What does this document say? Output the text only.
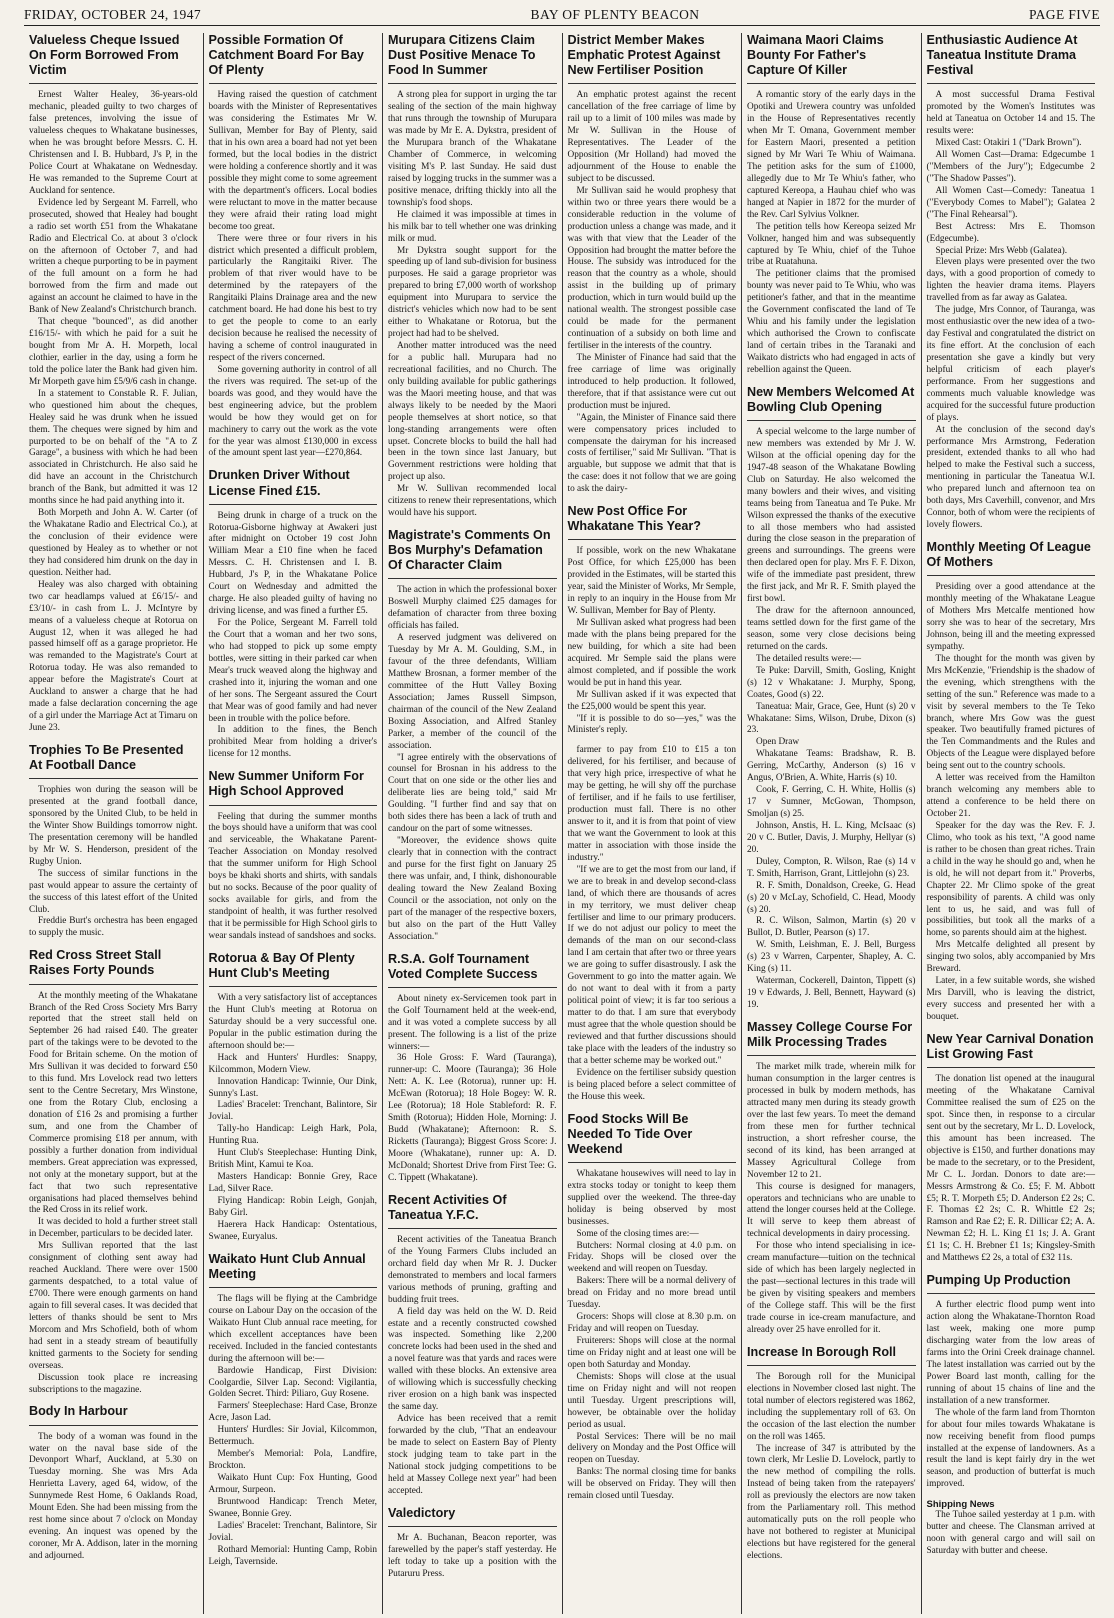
FRIDAY, OCTOBER 24, 1947	BAY OF PLENTY BEACON	PAGE FIVE
Valueless Cheque Issued On Form Borrowed From Victim

Ernest Walter Healey, 36-years-old mechanic, pleaded guilty to two charges of false pretences, involving the issue of valueless cheques to Whakatane businesses, when he was brought before Messrs. C. H. Christensen and I. B. Hubbard, J's P, in the Police Court at Whakatane on Wednesday. He was remanded to the Supreme Court at Auckland for sentence.

Evidence led by Sergeant M. Farrell, who prosecuted, showed that Healey had bought a radio set worth £51 from the Whakatane Radio and Electrical Co. at about 3 o'clock on the afternoon of October 7, and had written a cheque purporting to be in payment of the full amount on a form he had borrowed from the firm and made out against an account he claimed to have in the Bank of New Zealand's Christchurch branch.

That cheque "bounced", as did another £16/15/- with which he paid for a suit he bought from Mr A. H. Morpeth, local clothier, earlier in the day, using a form he told the police later the Bank had given him. Mr Morpeth gave him £5/9/6 cash in change.

In a statement to Constable R. F. Julian, who questioned him about the cheques, Healey said he was drunk when he issued them. The cheques were signed by him and purported to be on behalf of the "A to Z Garage", a business with which he had been associated in Christchurch. He also said he did have an account in the Christchurch branch of the Bank, but admitted it was 12 months since he had paid anything into it.

Both Morpeth and John A. W. Carter (of the Whakatane Radio and Electrical Co.), at the conclusion of their evidence were questioned by Healey as to whether or not they had considered him drunk on the day in question. Neither had.

Healey was also charged with obtaining two car headlamps valued at £6/15/- and £3/10/- in cash from L. J. McIntyre by means of a valueless cheque at Rotorua on August 12, when it was alleged he had passed himself off as a garage proprietor. He was remanded to the Magistrate's Court at Rotorua today. He was also remanded to appear before the Magistrate's Court at Auckland to answer a charge that he had made a false declaration concerning the age of a girl under the Marriage Act at Timaru on June 23.

Trophies To Be Presented At Football Dance

Trophies won during the season will be presented at the grand football dance, sponsored by the United Club, to be held in the Winter Show Buildings tomorrow night. The presentation ceremony will be handled by Mr W. S. Henderson, president of the Rugby Union.

The success of similar functions in the past would appear to assure the certainty of the success of this latest effort of the United Club.

Freddie Burt's orchestra has been engaged to supply the music.

Red Cross Street Stall Raises Forty Pounds

At the monthly meeting of the Whakatane Branch of the Red Cross Society Mrs Barry reported that the street stall held on September 26 had raised £40. The greater part of the takings were to be devoted to the Food for Britain scheme. On the motion of Mrs Sullivan it was decided to forward £50 to this fund. Mrs Lovelock read two letters sent to the Centre Secretary, Mrs Winstone, one from the Rotary Club, enclosing a donation of £16 2s and promising a further sum, and one from the Chamber of Commerce promising £18 per annum, with possibly a further donation from individual members. Great appreciation was expressed, not only at the monetary support, but at the fact that two such representative organisations had placed themselves behind the Red Cross in its relief work.

It was decided to hold a further street stall in December, particulars to be decided later.

Mrs Sullivan reported that the last consignment of clothing sent away had reached Auckland. There were over 1500 garments despatched, to a total value of £700. There were enough garments on hand again to fill several cases. It was decided that letters of thanks should be sent to Mrs Morcom and Mrs Schofield, both of whom had sent in a steady stream of beautifully knitted garments to the Society for sending overseas.

Discussion took place re increasing subscriptions to the magazine.

Body In Harbour

The body of a woman was found in the water on the naval base side of the Devonport Wharf, Auckland, at 5.30 on Tuesday morning. She was Mrs Ada Henrietta Lavery, aged 64, widow, of the Sunnymede Rest Home, 6 Oaklands Road, Mount Eden. She had been missing from the rest home since about 7 o'clock on Monday evening. An inquest was opened by the coroner, Mr A. Addison, later in the morning and adjourned.

Possible Formation Of Catchment Board For Bay Of Plenty

Having raised the question of catchment boards with the Minister of Representatives was considering the Estimates Mr W. Sullivan, Member for Bay of Plenty, said that in his own area a board had not yet been formed, but the local bodies in the district were holding a conference shortly and it was possible they might come to some agreement with the department's officers. Local bodies were reluctant to move in the matter because they were afraid their rating load might become too great.

There were three or four rivers in his district which presented a difficult problem, particularly the Rangitaiki River. The problem of that river would have to be determined by the ratepayers of the Rangitaiki Plains Drainage area and the new catchment board. He had done his best to try to get the people to come to an early decision because he realised the necessity of having a scheme of control inaugurated in respect of the rivers concerned.

Some governing authority in control of all the rivers was required. The set-up of the boards was good, and they would have the best engineering advice, but the problem would be how they would get on for machinery to carry out the work as the vote for the year was almost £130,000 in excess of the amount spent last year—£270,864.

Drunken Driver Without License Fined £15.

Being drunk in charge of a truck on the Rotorua-Gisborne highway at Awakeri just after midnight on October 19 cost John William Mear a £10 fine when he faced Messrs. C. H. Christensen and I. B. Hubbard, J's P, in the Whakatane Police Court on Wednesday and admitted the charge. He also pleaded guilty of having no driving license, and was fined a further £5.

For the Police, Sergeant M. Farrell told the Court that a woman and her two sons, who had stopped to pick up some empty bottles, were sitting in their parked car when Mear's truck weaved along the highway and crashed into it, injuring the woman and one of her sons. The Sergeant assured the Court that Mear was of good family and had never been in trouble with the police before.

In addition to the fines, the Bench prohibited Mear from holding a driver's license for 12 months.

New Summer Uniform For High School Approved

Feeling that during the summer months the boys should have a uniform that was cool and serviceable, the Whakatane Parent-Teacher Association on Monday resolved that the summer uniform for High School boys be khaki shorts and shirts, with sandals but no socks. Because of the poor quality of socks available for girls, and from the standpoint of health, it was further resolved that it be permissible for High School girls to wear sandals instead of sandshoes and socks.

Rotorua & Bay Of Plenty Hunt Club's Meeting

With a very satisfactory list of acceptances the Hunt Club's meeting at Rotorua on Saturday should be a very successful one. Popular in the public estimation during the afternoon should be:—

Hack and Hunters' Hurdles: Snappy, Kilcommon, Modern View.

Innovation Handicap: Twinnie, Our Dink, Sunny's Last.

Ladies' Bracelet: Trenchant, Balintore, Sir Jovial.

Tally-ho Handicap: Leigh Hark, Pola, Hunting Rua.

Hunt Club's Steeplechase: Hunting Dink, British Mint, Kamui te Koa.

Masters Handicap: Bonnie Grey, Race Lad, Silver Race.

Flying Handicap: Robin Leigh, Gonjah, Baby Girl.

Haerera Hack Handicap: Ostentatious, Swanee, Euryalus.

Waikato Hunt Club Annual Meeting

The flags will be flying at the Cambridge course on Labour Day on the occasion of the Waikato Hunt Club annual race meeting, for which excellent acceptances have been received. Included in the fancied contestants during the afternoon will be:—

Bardowie Handicap, First Division: Coolgardie, Silver Lap. Second: Vigilantia, Golden Secret. Third: Piliaro, Guy Rosene.

Farmers' Steeplechase: Hard Case, Bronze Acre, Jason Lad.

Hunters' Hurdles: Sir Jovial, Kilcommon, Bettermuch.

Member's Memorial: Pola, Landfire, Brockton.

Waikato Hunt Cup: Fox Hunting, Good Armour, Surpeon.

Bruntwood Handicap: Trench Meter, Swanee, Bonnie Grey.

Ladies' Bracelet: Trenchant, Balintore, Sir Jovial.

Rothard Memorial: Hunting Camp, Robin Leigh, Tavernside.

Murupara Citizens Claim Dust Positive Menace To Food In Summer

A strong plea for support in urging the tar sealing of the section of the main highway that runs through the township of Murupara was made by Mr E. A. Dykstra, president of the Murupara branch of the Whakatane Chamber of Commerce, in welcoming visiting M's P. last Sunday. He said dust raised by logging trucks in the summer was a positive menace, drifting thickly into all the township's food shops.

He claimed it was impossible at times in his milk bar to tell whether one was drinking milk or mud.

Mr Dykstra sought support for the speeding up of land sub-division for business purposes. He said a garage proprietor was prepared to bring £7,000 worth of workshop equipment into Murupara to service the district's vehicles which now had to be sent either to Whakatane or Rotorua, but the project had had to be shelved.

Another matter introduced was the need for a public hall. Murupara had no recreational facilities, and no Church. The only building available for public gatherings was the Maori meeting house, and that was always likely to be needed by the Maori people themselves at short notice, so that long-standing arrangements were often upset. Concrete blocks to build the hall had been in the town since last January, but Government restrictions were holding that project up also.

Mr W. Sullivan recommended local citizens to renew their representations, which would have his support.

Magistrate's Comments On Bos Murphy's Defamation Of Character Claim

The action in which the professional boxer Boswell Murphy claimed £25 damages for defamation of character from three boxing officials has failed.

A reserved judgment was delivered on Tuesday by Mr A. M. Goulding, S.M., in favour of the three defendants, William Matthew Brosnan, a former member of the committee of the Hutt Valley Boxing Association; James Russell Simpson, chairman of the council of the New Zealand Boxing Association, and Alfred Stanley Parker, a member of the council of the association.

"I agree entirely with the observations of counsel for Brosnan in his address to the Court that on one side or the other lies and deliberate lies are being told," said Mr Goulding. "I further find and say that on both sides there has been a lack of truth and candour on the part of some witnesses.

"Moreover, the evidence shows quite clearly that in connection with the contract and purse for the first fight on January 25 there was unfair, and, I think, dishonourable dealing toward the New Zealand Boxing Council or the association, not only on the part of the manager of the respective boxers, but also on the part of the Hutt Valley Association."

R.S.A. Golf Tournament Voted Complete Success

About ninety ex-Servicemen took part in the Golf Tournament held at the week-end, and it was voted a complete success by all present. The following is a list of the prize winners:—

36 Hole Gross: F. Ward (Tauranga), runner-up: C. Moore (Tauranga); 36 Hole Nett: A. K. Lee (Rotorua), runner up: H. McEwan (Rotorua); 18 Hole Bogey: W. R. Lee (Rotorua); 18 Hole Stableford: R. F. Smith (Rotorua); Hidden Hole, Morning: J. Budd (Whakatane); Afternoon: R. S. Ricketts (Tauranga); Biggest Gross Score: J. Moore (Whakatane), runner up: A. D. McDonald; Shortest Drive from First Tee: G. C. Tippett (Whakatane).

Recent Activities Of Taneatua Y.F.C.

Recent activities of the Taneatua Branch of the Young Farmers Clubs included an orchard field day when Mr R. J. Ducker demonstrated to members and local farmers various methods of pruning, grafting and budding fruit trees.

A field day was held on the W. D. Reid estate and a recently constructed cowshed was inspected. Something like 2,200 concrete locks had been used in the shed and a novel feature was that yards and races were walled with these blocks. An extensive area of willowing which is successfully checking river erosion on a high bank was inspected the same day.

Advice has been received that a remit forwarded by the club, "That an endeavour be made to select on Eastern Bay of Plenty stock judging team to take part in the National stock judging competitions to be held at Massey College next year" had been accepted.

Valedictory

Mr A. Buchanan, Beacon reporter, was farewelled by the paper's staff yesterday. He left today to take up a position with the Putaruru Press.

District Member Makes Emphatic Protest Against New Fertiliser Position

An emphatic protest against the recent cancellation of the free carriage of lime by rail up to a limit of 100 miles was made by Mr W. Sullivan in the House of Representatives. The Leader of the Opposition (Mr Holland) had moved the adjournment of the House to enable the subject to be discussed.

Mr Sullivan said he would prophesy that within two or three years there would be a considerable reduction in the volume of production unless a change was made, and it was with that view that the Leader of the Opposition had brought the matter before the House. The subsidy was introduced for the reason that the country as a whole, should assist in the building up of primary production, which in turn would build up the national wealth. The strongest possible case could be made for the permanent continuation of a subsidy on both lime and fertiliser in the interests of the country.

The Minister of Finance had said that the free carriage of lime was originally introduced to help production. It followed, therefore, that if that assistance were cut out production must be injured.

"Again, the Minister of Finance said there were compensatory prices included to compensate the dairyman for his increased costs of fertiliser," said Mr Sullivan. "That is arguable, but suppose we admit that that is the case: does it not follow that we are going to ask the dairy-

New Post Office For Whakatane This Year?

If possible, work on the new Whakatane Post Office, for which £25,000 has been provided in the Estimates, will be started this year, said the Minister of Works, Mr Semple, in reply to an inquiry in the House from Mr W. Sullivan, Member for Bay of Plenty.

Mr Sullivan asked what progress had been made with the plans being prepared for the new building, for which a site had been acquired. Mr Semple said the plans were almost completed, and if possible the work would be put in hand this year.

Mr Sullivan asked if it was expected that the £25,000 would be spent this year.

"If it is possible to do so—yes," was the Minister's reply.

farmer to pay from £10 to £15 a ton delivered, for his fertiliser, and because of that very high price, irrespective of what he may be getting, he will shy off the purchase of fertiliser, and if he fails to use fertiliser, production must fall. There is no other answer to it, and it is from that point of view that we want the Government to look at this matter in association with those inside the industry."

"If we are to get the most from our land, if we are to break in and develop second-class land, of which there are thousands of acres in my territory, we must deliver cheap fertiliser and lime to our primary producers. If we do not adjust our policy to meet the demands of the man on our second-class land I am certain that after two or three years we are going to suffer disastrously. I ask the Government to go into the matter again. We do not want to deal with it from a party political point of view; it is far too serious a matter to do that. I am sure that everybody must agree that the whole question should be reviewed and that further discussions should take place with the leaders of the industry so that a better scheme may be worked out."

Evidence on the fertiliser subsidy question is being placed before a select committee of the House this week.

Food Stocks Will Be Needed To Tide Over Weekend

Whakatane housewives will need to lay in extra stocks today or tonight to keep them supplied over the weekend. The three-day holiday is being observed by most businesses.

Some of the closing times are:—

Butchers: Normal closing at 4.0 p.m. on Friday. Shops will be closed over the weekend and will reopen on Tuesday.

Bakers: There will be a normal delivery of bread on Friday and no more bread until Tuesday.

Grocers: Shops will close at 8.30 p.m. on Friday and will reopen on Tuesday.

Fruiterers: Shops will close at the normal time on Friday night and at least one will be open both Saturday and Monday.

Chemists: Shops will close at the usual time on Friday night and will not reopen until Tuesday. Urgent prescriptions will, however, be obtainable over the holiday period as usual.

Postal Services: There will be no mail delivery on Monday and the Post Office will reopen on Tuesday.

Banks: The normal closing time for banks will be observed on Friday. They will then remain closed until Tuesday.

Waimana Maori Claims Bounty For Father's Capture Of Killer

A romantic story of the early days in the Opotiki and Urewera country was unfolded in the House of Representatives recently when Mr T. Omana, Government member for Eastern Maori, presented a petition signed by Mr Wari Te Whiu of Waimana. The petition asks for the sum of £1000, allegedly due to Mr Te Whiu's father, who captured Kereopa, a Hauhau chief who was hanged at Napier in 1872 for the murder of the Rev. Carl Sylvius Volkner.

The petition tells how Kereopa seized Mr Volkner, hanged him and was subsequently captured by Te Whiu, chief of the Tuhoe tribe at Ruatahuna.

The petitioner claims that the promised bounty was never paid to Te Whiu, who was petitioner's father, and that in the meantime the Government confiscated the land of Te Whiu and his family under the legislation which authorised the Crown to confiscate land of certain tribes in the Taranaki and Waikato districts who had engaged in acts of rebellion against the Queen.

New Members Welcomed At Bowling Club Opening

A special welcome to the large number of new members was extended by Mr J. W. Wilson at the official opening day for the 1947-48 season of the Whakatane Bowling Club on Saturday. He also welcomed the many bowlers and their wives, and visiting teams being from Taneatua and Te Puke. Mr Wilson expressed the thanks of the executive to all those members who had assisted during the close season in the preparation of greens and surroundings. The greens were then declared open for play. Mrs F. F. Dixon, wife of the immediate past president, threw the first jack, and Mr R. F. Smith played the first bowl.

The draw for the afternoon announced, teams settled down for the first game of the season, some very close decisions being returned on the cards.

The detailed results were:—

Te Puke: Darvill, Smith, Gosling, Knight (s) 12 v Whakatane: J. Murphy, Spong, Coates, Good (s) 22.

Taneatua: Mair, Grace, Gee, Hunt (s) 20 v Whakatane: Sims, Wilson, Drube, Dixon (s) 23.

Open Draw

Whakatane Teams: Bradshaw, R. B. Gerring, McCarthy, Anderson (s) 16 v Angus, O'Brien, A. White, Harris (s) 10.

Cook, F. Gerring, C. H. White, Hollis (s) 17 v Sumner, McGowan, Thompson, Smoljan (s) 25.

Johnson, Anstis, H. L. King, McIsaac (s) 20 v C. Butler, Davis, J. Murphy, Hellyar (s) 20.

Duley, Compton, R. Wilson, Rae (s) 14 v T. Smith, Harrison, Grant, Littlejohn (s) 23.

R. F. Smith, Donaldson, Creeke, G. Head (s) 20 v McLay, Schofield, C. Head, Moody (s) 20.

R. C. Wilson, Salmon, Martin (s) 20 v Bullot, D. Butler, Pearson (s) 17.

W. Smith, Leishman, E. J. Bell, Burgess (s) 23 v Warren, Carpenter, Shapley, A. C. King (s) 11.

Waterman, Cockerell, Dainton, Tippett (s) 19 v Edwards, J. Bell, Bennett, Hayward (s) 19.

Massey College Course For Milk Processing Trades

The market milk trade, wherein milk for human consumption in the larger centres is processed in bulk by modern methods, has attracted many men during its steady growth over the last few years. To meet the demand from these men for further technical instruction, a short refresher course, the second of its kind, has been arranged at Massey Agricultural College from November 12 to 21.

This course is designed for managers, operators and technicians who are unable to attend the longer courses held at the College. It will serve to keep them abreast of technical developments in dairy processing.

For those who intend specialising in ice-cream manufacture—tuition on the technical side of which has been largely neglected in the past—sectional lectures in this trade will be given by visiting speakers and members of the College staff. This will be the first trade course in ice-cream manufacture, and already over 25 have enrolled for it.

Increase In Borough Roll

The Borough roll for the Municipal elections in November closed last night. The total number of electors registered was 1862, including the supplementary roll of 63. On the occasion of the last election the number on the roll was 1465.

The increase of 347 is attributed by the town clerk, Mr Leslie D. Lovelock, partly to the new method of compiling the rolls. Instead of being taken from the ratepayers' roll as previously the electors are now taken from the Parliamentary roll. This method automatically puts on the roll people who have not bothered to register at Municipal elections but have registered for the general elections.

Enthusiastic Audience At Taneatua Institute Drama Festival

A most successful Drama Festival promoted by the Women's Institutes was held at Taneatua on October 14 and 15. The results were:

Mixed Cast: Otakiri 1 ("Dark Brown").

All Women Cast—Drama: Edgecumbe 1 ("Members of the Jury"); Edgecumbe 2 ("The Shadow Passes").

All Women Cast—Comedy: Taneatua 1 ("Everybody Comes to Mabel"); Galatea 2 ("The Final Rehearsal").

Best Actress: Mrs E. Thomson (Edgecumbe).

Special Prize: Mrs Webb (Galatea).

Eleven plays were presented over the two days, with a good proportion of comedy to lighten the heavier drama items. Players travelled from as far away as Galatea.

The judge, Mrs Connor, of Tauranga, was most enthusiastic over the new idea of a two-day Festival and congratulated the district on its fine effort. At the conclusion of each presentation she gave a kindly but very helpful criticism of each player's performance. From her suggestions and comments much valuable knowledge was acquired for the successful future production of plays.

At the conclusion of the second day's performance Mrs Armstrong, Federation president, extended thanks to all who had helped to make the Festival such a success, mentioning in particular the Taneatua W.I. who prepared lunch and afternoon tea on both days, Mrs Caverhill, convenor, and Mrs Connor, both of whom were the recipients of lovely flowers.

Monthly Meeting Of League Of Mothers

Presiding over a good attendance at the monthly meeting of the Whakatane League of Mothers Mrs Metcalfe mentioned how sorry she was to hear of the secretary, Mrs Johnson, being ill and the meeting expressed sympathy.

The thought for the month was given by Mrs McKenzie, "Friendship is the shadow of the evening, which strengthens with the setting of the sun." Reference was made to a visit by several members to the Te Teko branch, where Mrs Gow was the guest speaker. Two beautifully framed pictures of the Ten Commandments and the Rules and Objects of the League were displayed before being sent out to the country schools.

A letter was received from the Hamilton branch welcoming any members able to attend a conference to be held there on October 21.

Speaker for the day was the Rev. F. J. Climo, who took as his text, "A good name is rather to be chosen than great riches. Train a child in the way he should go and, when he is old, he will not depart from it." Proverbs, Chapter 22. Mr Climo spoke of the great responsibility of parents. A child was only lent to us, he said, and was full of possibilities, but took all the marks of a home, so parents should aim at the highest.

Mrs Metcalfe delighted all present by singing two solos, ably accompanied by Mrs Breward.

Later, in a few suitable words, she wished Mrs Darvill, who is leaving the district, every success and presented her with a bouquet.

New Year Carnival Donation List Growing Fast

The donation list opened at the inaugural meeting of the Whakatane Carnival Committee realised the sum of £25 on the spot. Since then, in response to a circular sent out by the secretary, Mr L. D. Lovelock, this amount has been increased. The objective is £150, and further donations may be made to the secretary, or to the President, Mr C. L. Jordan. Donors to date are:— Messrs Armstrong & Co. £5; F. M. Abbott £5; R. T. Morpeth £5; D. Anderson £2 2s; C. F. Thomas £2 2s; C. R. Whittle £2 2s; Ramson and Rae £2; E. R. Dillicar £2; A. A. Newman £2; H. L. King £1 1s; J. A. Grant £1 1s; C. H. Brebner £1 1s; Kingsley-Smith and Matthews £2 2s, a total of £32 11s.

Pumping Up Production

A further electric flood pump went into action along the Whakatane-Thornton Road last week, making one more pump discharging water from the low areas of farms into the Orini Creek drainage channel. The latest installation was carried out by the Power Board last month, calling for the running of about 15 chains of line and the installation of a new transformer.

The whole of the farm land from Thornton for about four miles towards Whakatane is now receiving benefit from flood pumps installed at the expense of landowners. As a result the land is kept fairly dry in the wet season, and production of butterfat is much improved.

Shipping News

The Tuhoe sailed yesterday at 1 p.m. with butter and cheese. The Clansman arrived at noon with general cargo and will sail on Saturday with butter and cheese.
